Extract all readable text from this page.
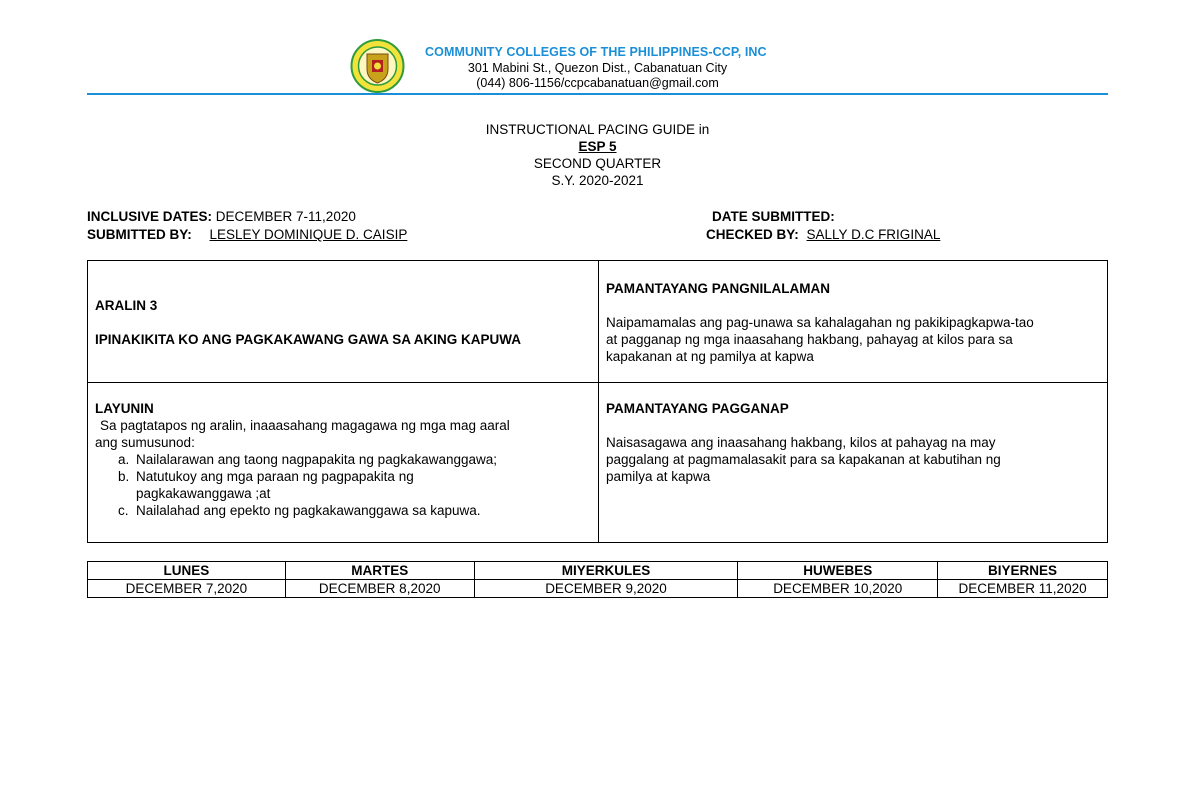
COMMUNITY COLLEGES OF THE PHILIPPINES-CCP, INC
301 Mabini St., Quezon Dist., Cabanatuan City
(044) 806-1156/ccpcabanatuan@gmail.com
INSTRUCTIONAL PACING GUIDE in
ESP 5
SECOND QUARTER
S.Y. 2020-2021
INCLUSIVE DATES: DECEMBER 7-11,2020
SUBMITTED BY: LESLEY DOMINIQUE D. CAISIP
DATE SUBMITTED:
CHECKED BY: SALLY D.C FRIGINAL
ARALIN 3
IPINAKIKITA KO ANG PAGKAKAWANG GAWA SA AKING KAPUWA
PAMANTAYANG PANGNILALAMAN
Naipamamalas ang pag-unawa sa kahalagahan ng pakikipagkapwa-tao
at pagganap ng mga inaasahang hakbang, pahayag at kilos para sa
kapakanan at ng pamilya at kapwa
LAYUNIN
Sa pagtatapos ng aralin, inaaasahang magagawa ng mga mag aaral
ang sumusunod:
a. Nailalarawan ang taong nagpapakita ng pagkakawanggawa;
b. Natutukoy ang mga paraan ng pagpapakita ng
pagkakawanggawa ;at
c. Nailalahad ang epekto ng pagkakawanggawa sa kapuwa.
PAMANTAYANG PAGGANAP
Naisasagawa ang inaasahang hakbang, kilos at pahayag na may
paggalang at pagmamalasakit para sa kapakanan at kabutihan ng
pamilya at kapwa
LUNES	MARTES	MIYERKULES	HUWEBES	BIYERNES
DECEMBER 7,2020	DECEMBER 8,2020	DECEMBER 9,2020	DECEMBER 10,2020	DECEMBER 11,2020
